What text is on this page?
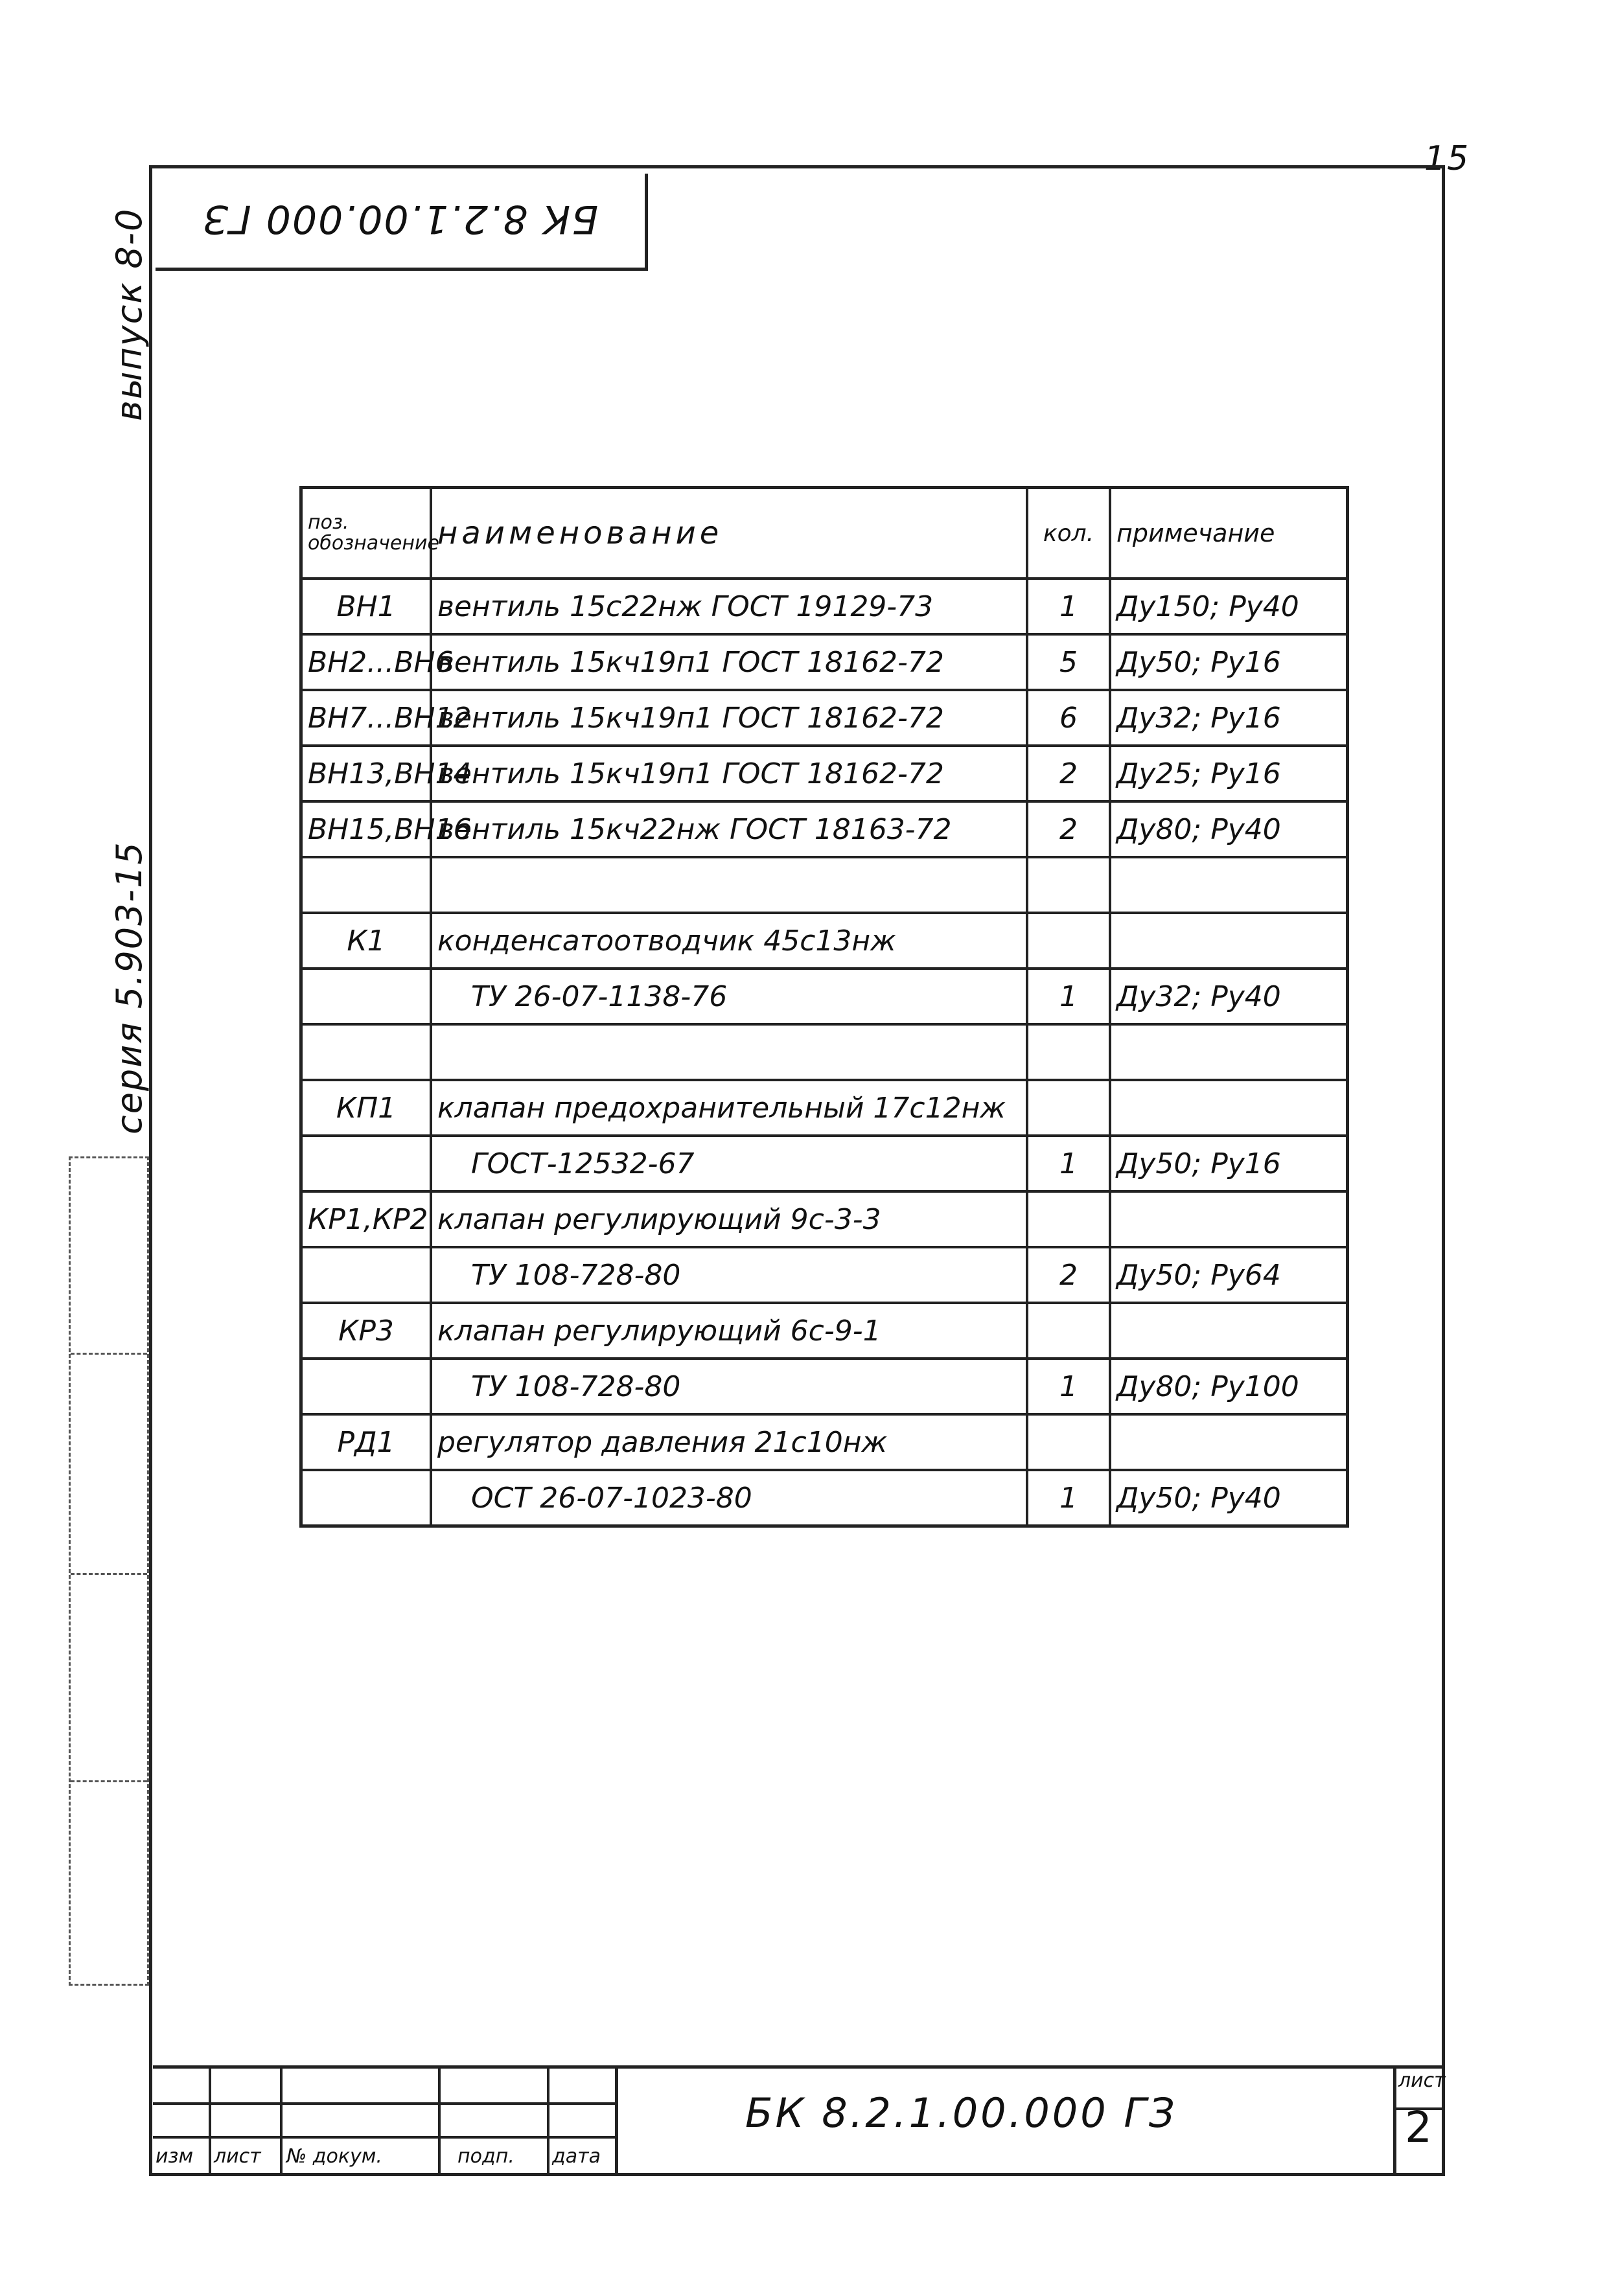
15
БК 8.2.1.00.000 ГЗ
выпуск 8-0
серия 5.903-15
поз. обозначение	наименование	кол.	примечание
ВН1	вентиль 15с22нж ГОСТ 19129-73	1	Ду150; Ру40
ВН2...ВН6	вентиль 15кч19п1 ГОСТ 18162-72	5	Ду50; Ру16
ВН7...ВН12	вентиль 15кч19п1 ГОСТ 18162-72	6	Ду32; Ру16
ВН13,ВН14	вентиль 15кч19п1 ГОСТ 18162-72	2	Ду25; Ру16
ВН15,ВН16	вентиль 15кч22нж ГОСТ 18163-72	2	Ду80; Ру40

К1	конденсатоотводчик 45с13нж		
	ТУ 26-07-1138-76	1	Ду32; Ру40

КП1	клапан предохранительный 17с12нж		
	ГОСТ-12532-67	1	Ду50; Ру16
КР1,КР2	клапан регулирующий 9с-3-3		
	ТУ 108-728-80	2	Ду50; Ру64
КР3	клапан регулирующий 6с-9-1		
	ТУ 108-728-80	1	Ду80; Ру100
РД1	регулятор давления 21с10нж		
	ОСТ 26-07-1023-80	1	Ду50; Ру40
изм лист № докум.	подп. дата
БК 8.2.1.00.000 ГЗ
лист
2
